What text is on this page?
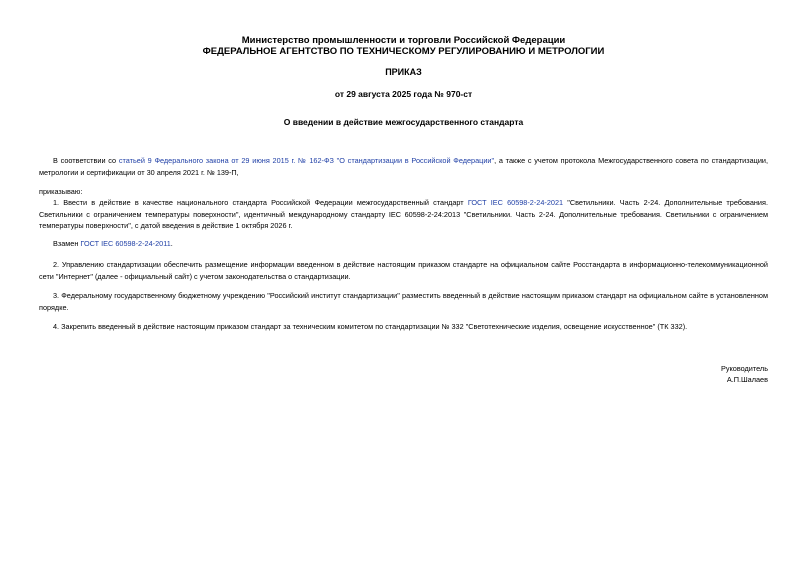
Министерство промышленности и торговли Российской Федерации
ФЕДЕРАЛЬНОЕ АГЕНТСТВО ПО ТЕХНИЧЕСКОМУ РЕГУЛИРОВАНИЮ И МЕТРОЛОГИИ
ПРИКАЗ
от 29 августа 2025 года № 970-ст
О введении в действие межгосударственного стандарта
В соответствии со статьей 9 Федерального закона от 29 июня 2015 г. № 162-ФЗ "О стандартизации в Российской Федерации", а также с учетом протокола Межгосударственного совета по стандартизации, метрологии и сертификации от 30 апреля 2021 г. № 139-П,
приказываю:
1. Ввести в действие в качестве национального стандарта Российской Федерации межгосударственный стандарт ГОСТ IEC 60598-2-24-2021 "Светильники. Часть 2-24. Дополнительные требования. Светильники с ограничением температуры поверхности", идентичный международному стандарту IEC 60598-2-24:2013 "Светильники. Часть 2-24. Дополнительные требования. Светильники с ограничением температуры поверхности", с датой введения в действие 1 октября 2026 г.
Взамен ГОСТ IEC 60598-2-24-2011.
2. Управлению стандартизации обеспечить размещение информации введенном в действие настоящим приказом стандарте на официальном сайте Росстандарта в информационно-телекоммуникационной сети "Интернет" (далее - официальный сайт) с учетом законодательства о стандартизации.
3. Федеральному государственному бюджетному учреждению "Российский институт стандартизации" разместить введенный в действие настоящим приказом стандарт на официальном сайте в установленном порядке.
4. Закрепить введенный в действие настоящим приказом стандарт за техническим комитетом по стандартизации № 332 "Светотехнические изделия, освещение искусственное" (ТК 332).
Руководитель
А.П.Шалаев
